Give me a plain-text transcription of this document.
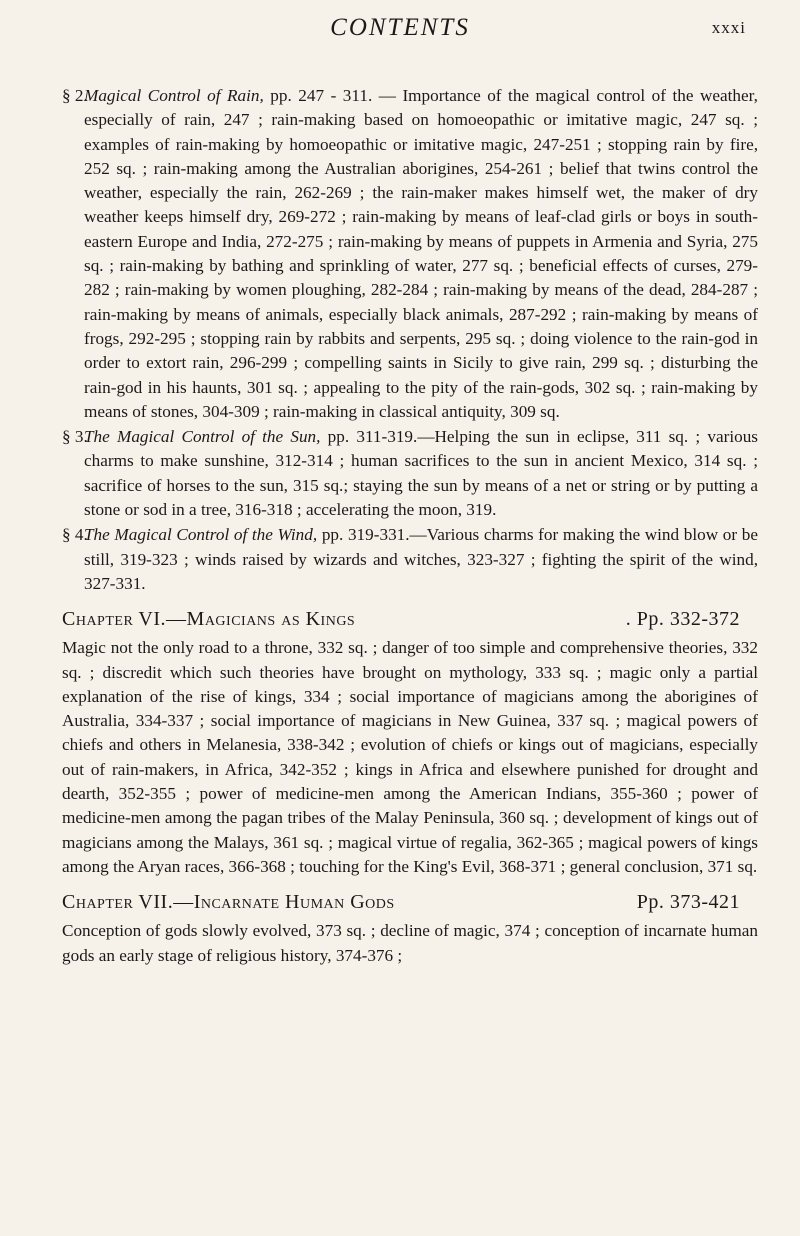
CONTENTS	xxxi
§ 2.
Magical Control of Rain, pp. 247 - 311. — Importance of the magical control of the weather, especially of rain, 247 ; rain-making based on homoeopathic or imitative magic, 247 sq. ; examples of rain-making by homoeopathic or imitative magic, 247-251 ; stopping rain by fire, 252 sq. ; rain-making among the Australian aborigines, 254-261 ; belief that twins control the weather, especially the rain, 262-269 ; the rain-maker makes himself wet, the maker of dry weather keeps himself dry, 269-272 ; rain-making by means of leaf-clad girls or boys in south-eastern Europe and India, 272-275 ; rain-making by means of puppets in Armenia and Syria, 275 sq. ; rain-making by bathing and sprinkling of water, 277 sq. ; beneficial effects of curses, 279-282 ; rain-making by women ploughing, 282-284 ; rain-making by means of the dead, 284-287 ; rain-making by means of animals, especially black animals, 287-292 ; rain-making by means of frogs, 292-295 ; stopping rain by rabbits and serpents, 295 sq. ; doing violence to the rain-god in order to extort rain, 296-299 ; compelling saints in Sicily to give rain, 299 sq. ; disturbing the rain-god in his haunts, 301 sq. ; appealing to the pity of the rain-gods, 302 sq. ; rain-making by means of stones, 304-309 ; rain-making in classical antiquity, 309 sq.
§ 3.
The Magical Control of the Sun, pp. 311-319.—Helping the sun in eclipse, 311 sq. ; various charms to make sunshine, 312-314 ; human sacrifices to the sun in ancient Mexico, 314 sq. ; sacrifice of horses to the sun, 315 sq.; staying the sun by means of a net or string or by putting a stone or sod in a tree, 316-318 ; accelerating the moon, 319.
§ 4.
The Magical Control of the Wind, pp. 319-331.—Various charms for making the wind blow or be still, 319-323 ; winds raised by wizards and witches, 323-327 ; fighting the spirit of the wind, 327-331.
Chapter VI.—Magicians as Kings	. Pp. 332-372
Magic not the only road to a throne, 332 sq. ; danger of too simple and comprehensive theories, 332 sq. ; discredit which such theories have brought on mythology, 333 sq. ; magic only a partial explanation of the rise of kings, 334 ; social importance of magicians among the aborigines of Australia, 334-337 ; social importance of magicians in New Guinea, 337 sq. ; magical powers of chiefs and others in Melanesia, 338-342 ; evolution of chiefs or kings out of magicians, especially out of rain-makers, in Africa, 342-352 ; kings in Africa and elsewhere punished for drought and dearth, 352-355 ; power of medicine-men among the American Indians, 355-360 ; power of medicine-men among the pagan tribes of the Malay Peninsula, 360 sq. ; development of kings out of magicians among the Malays, 361 sq. ; magical virtue of regalia, 362-365 ; magical powers of kings among the Aryan races, 366-368 ; touching for the King's Evil, 368-371 ; general conclusion, 371 sq.
Chapter VII.—Incarnate Human Gods	Pp. 373-421
Conception of gods slowly evolved, 373 sq. ; decline of magic, 374 ; conception of incarnate human gods an early stage of religious history, 374-376 ;
